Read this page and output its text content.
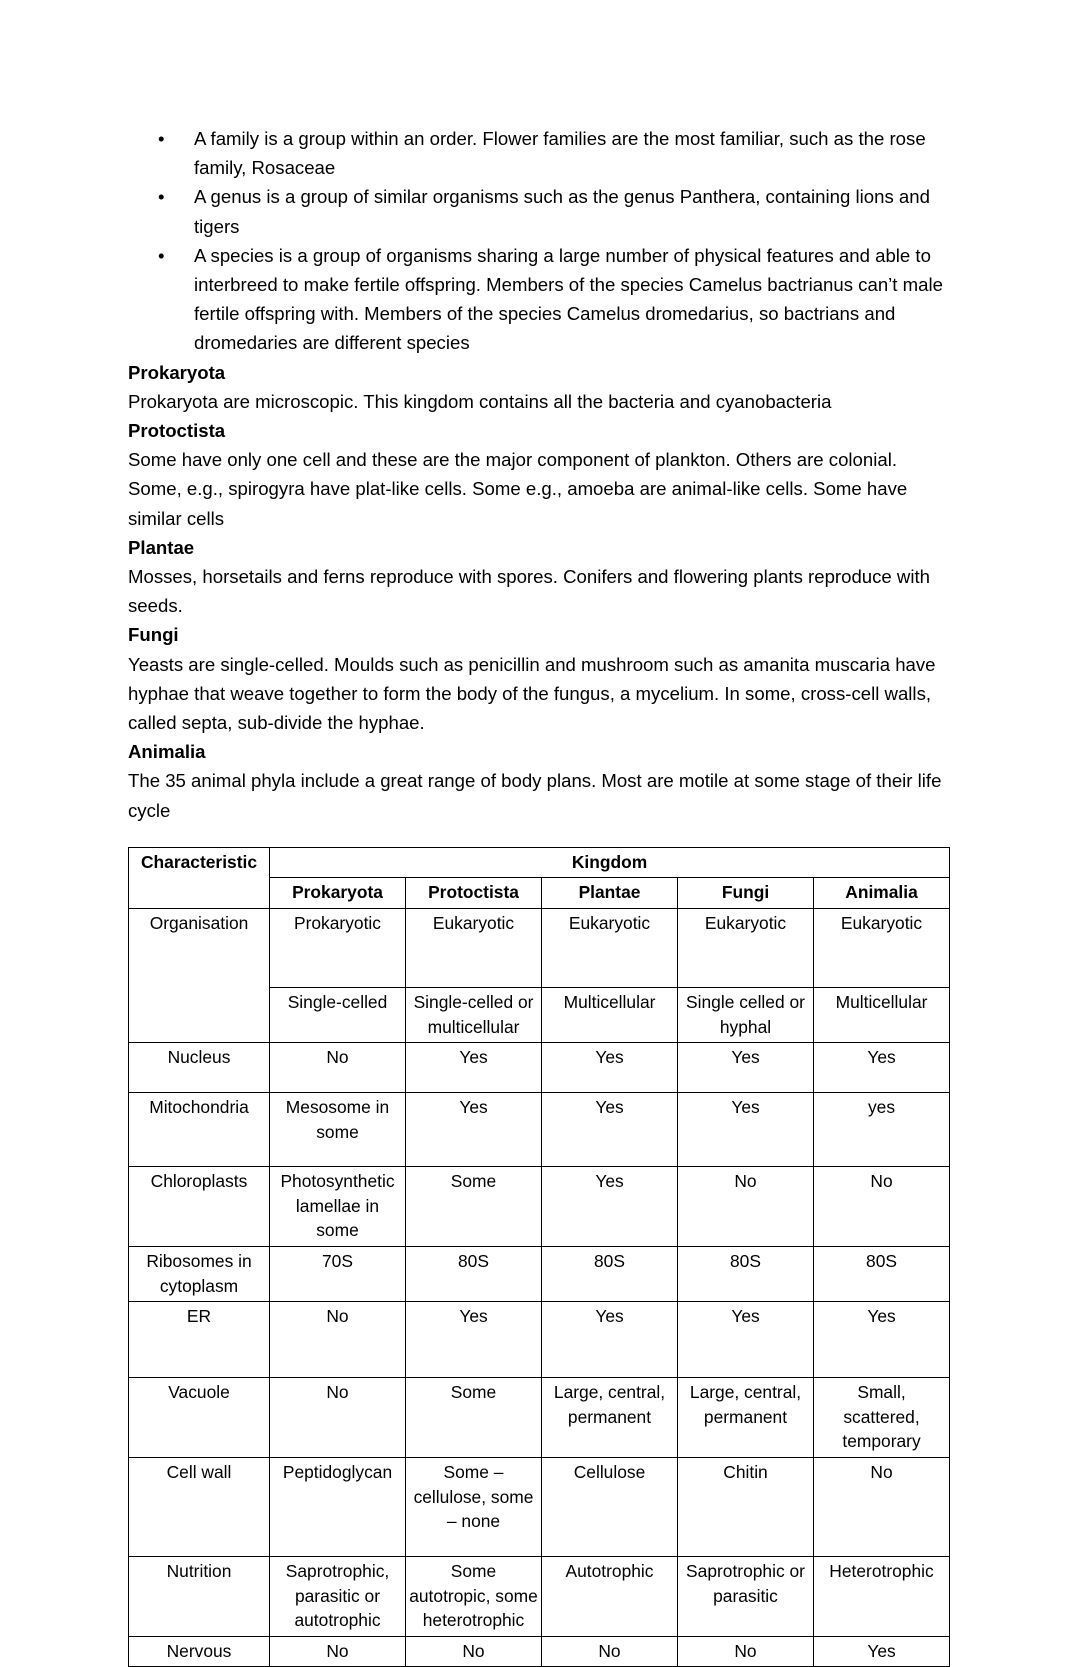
• A family is a group within an order. Flower families are the most familiar, such as the rose family, Rosaceae
• A genus is a group of similar organisms such as the genus Panthera, containing lions and tigers
• A species is a group of organisms sharing a large number of physical features and able to interbreed to make fertile offspring. Members of the species Camelus bactrianus can’t male fertile offspring with. Members of the species Camelus dromedarius, so bactrians and dromedaries are different species
Prokaryota
Prokaryota are microscopic. This kingdom contains all the bacteria and cyanobacteria
Protoctista
Some have only one cell and these are the major component of plankton. Others are colonial. Some, e.g., spirogyra have plat-like cells. Some e.g., amoeba are animal-like cells. Some have similar cells
Plantae
Mosses, horsetails and ferns reproduce with spores. Conifers and flowering plants reproduce with seeds.
Fungi
Yeasts are single-celled. Moulds such as penicillin and mushroom such as amanita muscaria have hyphae that weave together to form the body of the fungus, a mycelium. In some, cross-cell walls, called septa, sub-divide the hyphae.
Animalia
The 35 animal phyla include a great range of body plans. Most are motile at some stage of their life cycle
Characteristic	Kingdom				
	Prokaryota	Protoctista	Plantae	Fungi	Animalia
Organisation	Prokaryotic	Eukaryotic	Eukaryotic	Eukaryotic	Eukaryotic
	Single-celled	Single-celled or multicellular	Multicellular	Single celled or hyphal	Multicellular
Nucleus	No	Yes	Yes	Yes	Yes
Mitochondria	Mesosome in some	Yes	Yes	Yes	yes
Chloroplasts	Photosynthetic lamellae in some	Some	Yes	No	No
Ribosomes in cytoplasm	70S	80S	80S	80S	80S
ER	No	Yes	Yes	Yes	Yes
Vacuole	No	Some	Large, central, permanent	Large, central, permanent	Small, scattered, temporary
Cell wall	Peptidoglycan	Some – cellulose, some – none	Cellulose	Chitin	No
Nutrition	Saprotrophic, parasitic or autotrophic	Some autotropic, some heterotrophic	Autotrophic	Saprotrophic or parasitic	Heterotrophic
Nervous	No	No	No	No	Yes
